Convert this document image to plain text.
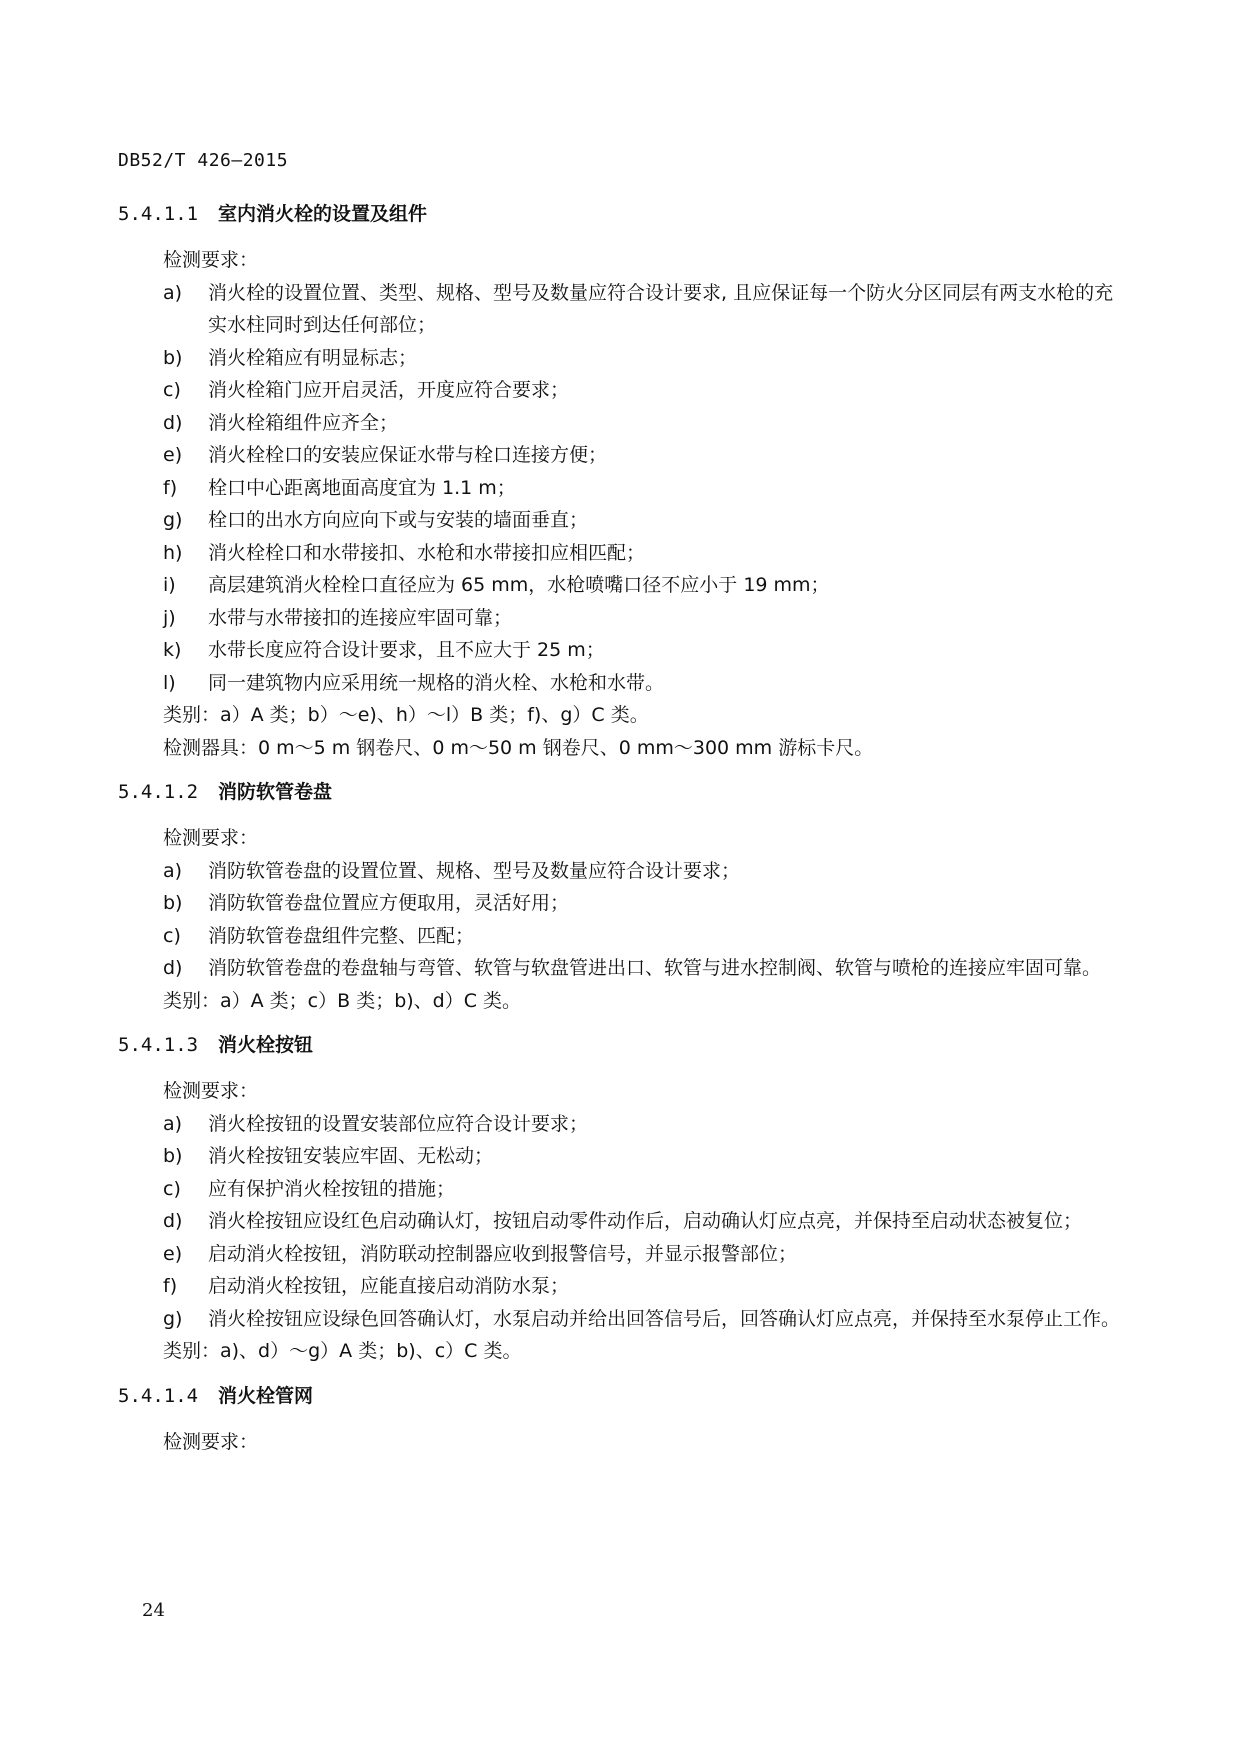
DB52/T 426—2015
5.4.1.1 室内消火栓的设置及组件
检测要求：
a)	消火栓的设置位置、类型、规格、型号及数量应符合设计要求, 且应保证每一个防火分区同层有两支水枪的充实水柱同时到达任何部位；
b)	消火栓箱应有明显标志；
c)	消火栓箱门应开启灵活，开度应符合要求；
d)	消火栓箱组件应齐全；
e)	消火栓栓口的安装应保证水带与栓口连接方便；
f)	栓口中心距离地面高度宜为 1.1 m；
g)	栓口的出水方向应向下或与安装的墙面垂直；
h)	消火栓栓口和水带接扣、水枪和水带接扣应相匹配；
i)	高层建筑消火栓栓口直径应为 65 mm，水枪喷嘴口径不应小于 19 mm；
j)	水带与水带接扣的连接应牢固可靠；
k)	水带长度应符合设计要求，且不应大于 25 m；
l)	同一建筑物内应采用统一规格的消火栓、水枪和水带。
类别：a）A 类；b）～e)、h）～l）B 类；f)、g）C 类。
检测器具：0 m～5 m 钢卷尺、0 m～50 m 钢卷尺、0 mm～300 mm 游标卡尺。
5.4.1.2 消防软管卷盘
检测要求：
a)	消防软管卷盘的设置位置、规格、型号及数量应符合设计要求；
b)	消防软管卷盘位置应方便取用，灵活好用；
c)	消防软管卷盘组件完整、匹配；
d)	消防软管卷盘的卷盘轴与弯管、软管与软盘管进出口、软管与进水控制阀、软管与喷枪的连接应牢固可靠。
类别：a）A 类；c）B 类；b)、d）C 类。
5.4.1.3 消火栓按钮
检测要求：
a)	消火栓按钮的设置安装部位应符合设计要求；
b)	消火栓按钮安装应牢固、无松动；
c)	应有保护消火栓按钮的措施；
d)	消火栓按钮应设红色启动确认灯，按钮启动零件动作后，启动确认灯应点亮，并保持至启动状态被复位；
e)	启动消火栓按钮，消防联动控制器应收到报警信号，并显示报警部位；
f)	启动消火栓按钮，应能直接启动消防水泵；
g)	消火栓按钮应设绿色回答确认灯，水泵启动并给出回答信号后，回答确认灯应点亮，并保持至水泵停止工作。
类别：a)、d）～g）A 类；b)、c）C 类。
5.4.1.4 消火栓管网
检测要求：
24
